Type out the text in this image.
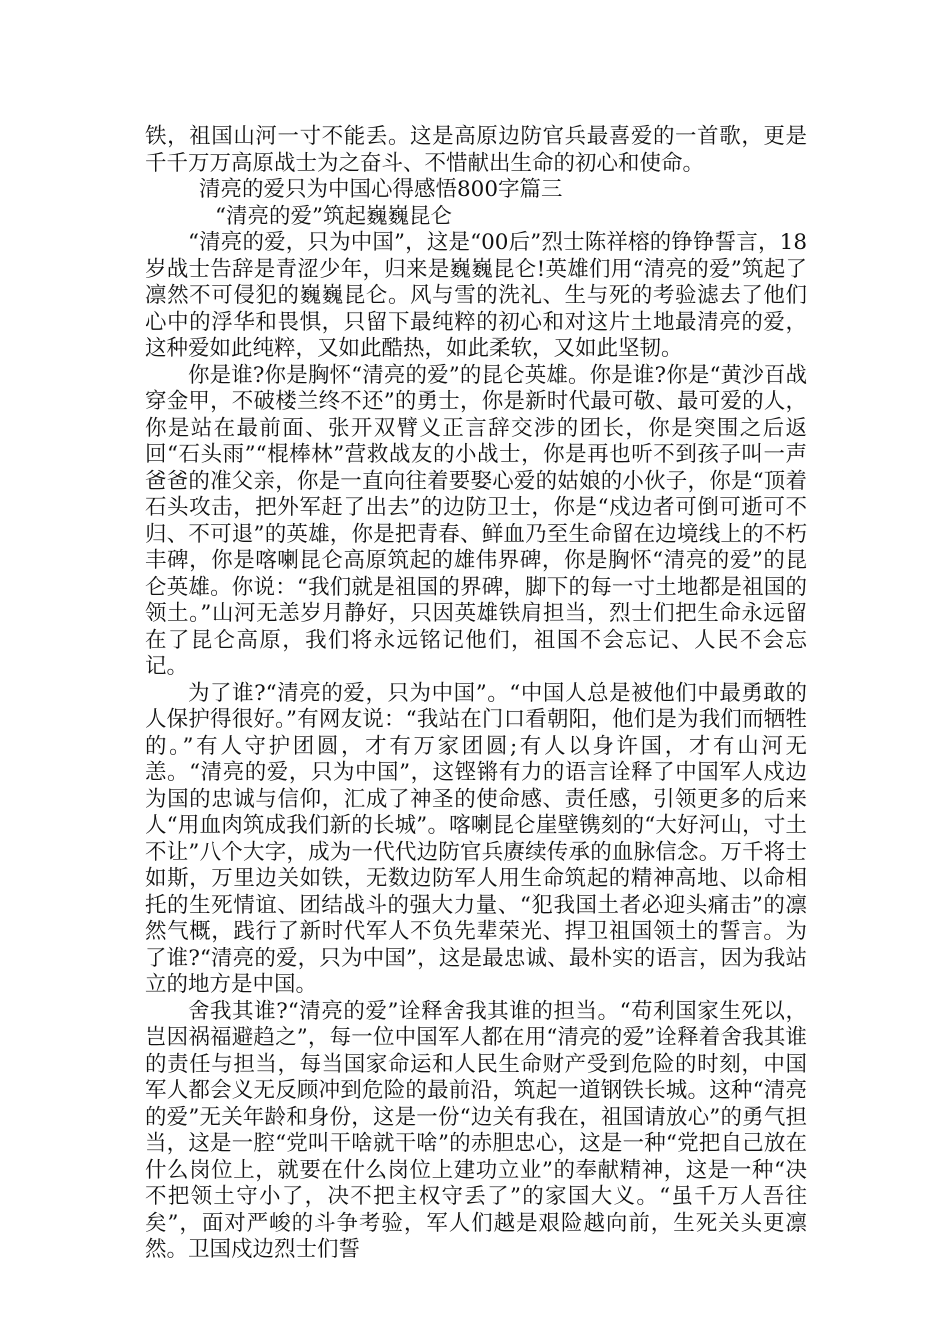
铁，祖国山河一寸不能丢。这是高原边防官兵最喜爱的一首歌，更是千千万万高原战士为之奋斗、不惜献出生命的初心和使命。

清亮的爱只为中国心得感悟800字篇三

“清亮的爱”筑起巍巍昆仑

“清亮的爱，只为中国”，这是“00后”烈士陈祥榕的铮铮誓言，18岁战士告辞是青涩少年，归来是巍巍昆仑!英雄们用“清亮的爱”筑起了凛然不可侵犯的巍巍昆仑。风与雪的洗礼、生与死的考验滤去了他们心中的浮华和畏惧，只留下最纯粹的初心和对这片土地最清亮的爱，这种爱如此纯粹，又如此酷热，如此柔软，又如此坚韧。

你是谁?你是胸怀“清亮的爱”的昆仑英雄。你是谁?你是“黄沙百战穿金甲，不破楼兰终不还”的勇士，你是新时代最可敬、最可爱的人，你是站在最前面、张开双臂义正言辞交涉的团长，你是突围之后返回“石头雨”“棍棒林”营救战友的小战士，你是再也听不到孩子叫一声爸爸的准父亲，你是一直向往着要娶心爱的姑娘的小伙子，你是“顶着石头攻击，把外军赶了出去”的边防卫士，你是“戍边者可倒可逝可不归、不可退”的英雄，你是把青春、鲜血乃至生命留在边境线上的不朽丰碑，你是喀喇昆仑高原筑起的雄伟界碑，你是胸怀“清亮的爱”的昆仑英雄。你说：“我们就是祖国的界碑，脚下的每一寸土地都是祖国的领土。”山河无恙岁月静好，只因英雄铁肩担当，烈士们把生命永远留在了昆仑高原，我们将永远铭记他们，祖国不会忘记、人民不会忘记。

为了谁?“清亮的爱，只为中国”。“中国人总是被他们中最勇敢的人保护得很好。”有网友说：“我站在门口看朝阳，他们是为我们而牺牲的。”有人守护团圆，才有万家团圆;有人以身许国，才有山河无恙。“清亮的爱，只为中国”，这铿锵有力的语言诠释了中国军人戍边为国的忠诚与信仰，汇成了神圣的使命感、责任感，引领更多的后来人“用血肉筑成我们新的长城”。喀喇昆仑崖壁镌刻的“大好河山，寸土不让”八个大字，成为一代代边防官兵赓续传承的血脉信念。万千将士如斯，万里边关如铁，无数边防军人用生命筑起的精神高地、以命相托的生死情谊、团结战斗的强大力量、“犯我国土者必迎头痛击”的凛然气概，践行了新时代军人不负先辈荣光、捍卫祖国领土的誓言。为了谁?“清亮的爱，只为中国”，这是最忠诚、最朴实的语言，因为我站立的地方是中国。

舍我其谁?“清亮的爱”诠释舍我其谁的担当。“苟利国家生死以，岂因祸福避趋之”，每一位中国军人都在用“清亮的爱”诠释着舍我其谁的责任与担当，每当国家命运和人民生命财产受到危险的时刻，中国军人都会义无反顾冲到危险的最前沿，筑起一道钢铁长城。这种“清亮的爱”无关年龄和身份，这是一份“边关有我在，祖国请放心”的勇气担当，这是一腔“党叫干啥就干啥”的赤胆忠心，这是一种“党把自己放在什么岗位上，就要在什么岗位上建功立业”的奉献精神，这是一种“决不把领土守小了，决不把主权守丢了”的家国大义。“虽千万人吾往矣”，面对严峻的斗争考验，军人们越是艰险越向前，生死关头更凛然。卫国戍边烈士们誓
